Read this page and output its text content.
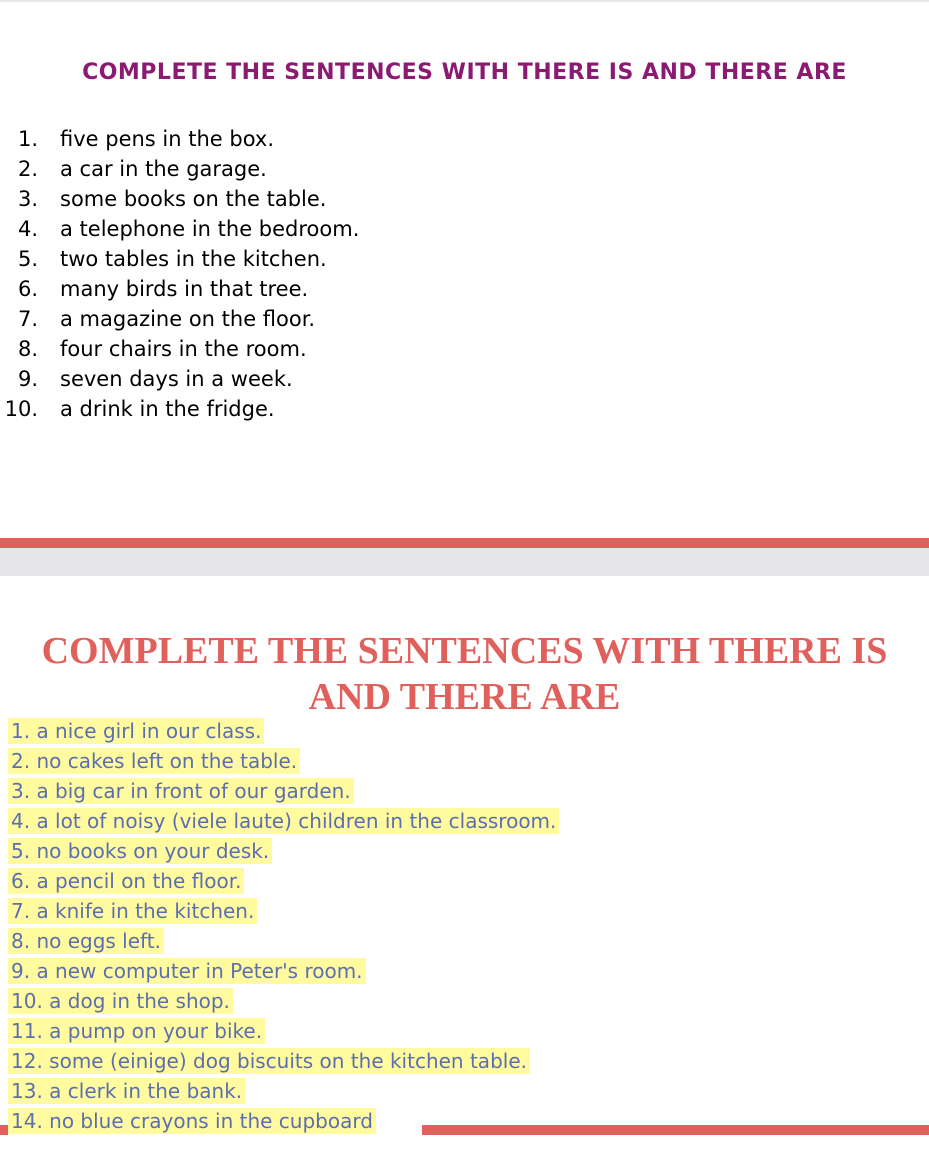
COMPLETE THE SENTENCES WITH THERE IS AND THERE ARE
1. five pens in the box.
2. a car in the garage.
3. some books on the table.
4. a telephone in the bedroom.
5. two tables in the kitchen.
6. many birds in that tree.
7. a magazine on the floor.
8. four chairs in the room.
9. seven days in a week.
10. a drink in the fridge.
COMPLETE THE SENTENCES WITH THERE IS
AND THERE ARE
1. a nice girl in our class.
2. no cakes left on the table.
3. a big car in front of our garden.
4. a lot of noisy (viele laute) children in the classroom.
5. no books on your desk.
6. a pencil on the floor.
7. a knife in the kitchen.
8. no eggs left.
9. a new computer in Peter's room.
10. a dog in the shop.
11. a pump on your bike.
12. some (einige) dog biscuits on the kitchen table.
13. a clerk in the bank.
14. no blue crayons in the cupboard
